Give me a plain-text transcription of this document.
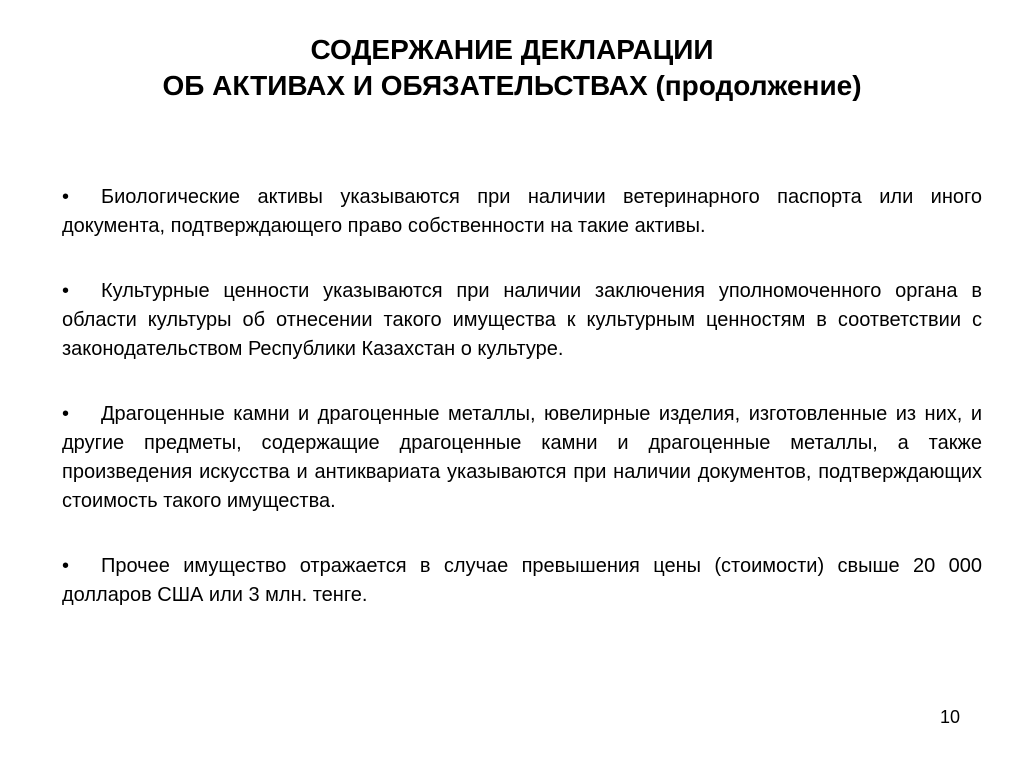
СОДЕРЖАНИЕ ДЕКЛАРАЦИИ
ОБ АКТИВАХ И ОБЯЗАТЕЛЬСТВАХ (продолжение)
• Биологические активы указываются при наличии ветеринарного паспорта или иного документа, подтверждающего право собственности на такие активы.
• Культурные ценности указываются при наличии заключения уполномоченного органа в области культуры об отнесении такого имущества к культурным ценностям в соответствии с законодательством Республики Казахстан о культуре.
• Драгоценные камни и драгоценные металлы, ювелирные изделия, изготовленные из них, и другие предметы, содержащие драгоценные камни и драгоценные металлы, а также произведения искусства и антиквариата указываются при наличии документов, подтверждающих стоимость такого имущества.
• Прочее имущество отражается в случае превышения цены (стоимости) свыше 20 000 долларов США или 3 млн. тенге.
10
